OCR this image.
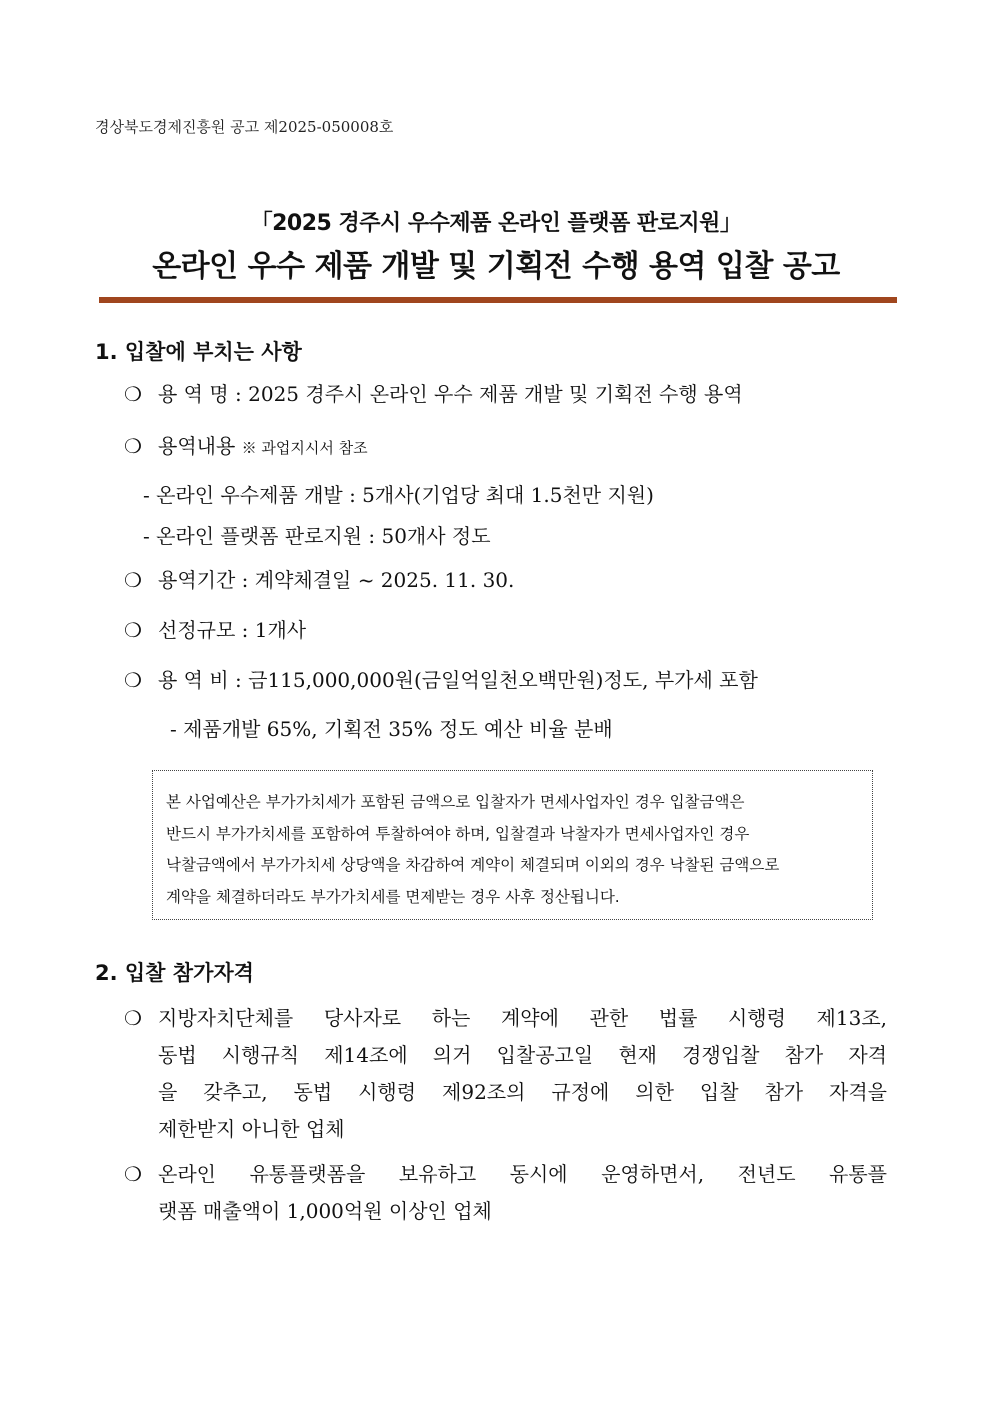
경상북도경제진흥원 공고 제2025-050008호
「2025 경주시 우수제품 온라인 플랫폼 판로지원」
온라인 우수 제품 개발 및 기획전 수행 용역 입찰 공고
1. 입찰에 부치는 사항
❍ 용 역 명 : 2025 경주시 온라인 우수 제품 개발 및 기획전 수행 용역
❍ 용역내용 ※ 과업지시서 참조
- 온라인 우수제품 개발 : 5개사(기업당 최대 1.5천만 지원)
- 온라인 플랫폼 판로지원 : 50개사 정도
❍ 용역기간 : 계약체결일 ~ 2025. 11. 30.
❍ 선정규모 : 1개사
❍ 용 역 비 : 금115,000,000원(금일억일천오백만원)정도, 부가세 포함
- 제품개발 65%, 기획전 35% 정도 예산 비율 분배
본 사업예산은 부가가치세가 포함된 금액으로 입찰자가 면세사업자인 경우 입찰금액은
반드시 부가가치세를 포함하여 투찰하여야 하며, 입찰결과 낙찰자가 면세사업자인 경우
낙찰금액에서 부가가치세 상당액을 차감하여 계약이 체결되며 이외의 경우 낙찰된 금액으로
계약을 체결하더라도 부가가치세를 면제받는 경우 사후 정산됩니다.
2. 입찰 참가자격
❍ 지방자치단체를 당사자로 하는 계약에 관한 법률 시행령 제13조,
동법 시행규칙 제14조에 의거 입찰공고일 현재 경쟁입찰 참가 자격
을 갖추고, 동법 시행령 제92조의 규정에 의한 입찰 참가 자격을
제한받지 아니한 업체
❍ 온라인 유통플랫폼을 보유하고 동시에 운영하면서, 전년도 유통플
랫폼 매출액이 1,000억원 이상인 업체
